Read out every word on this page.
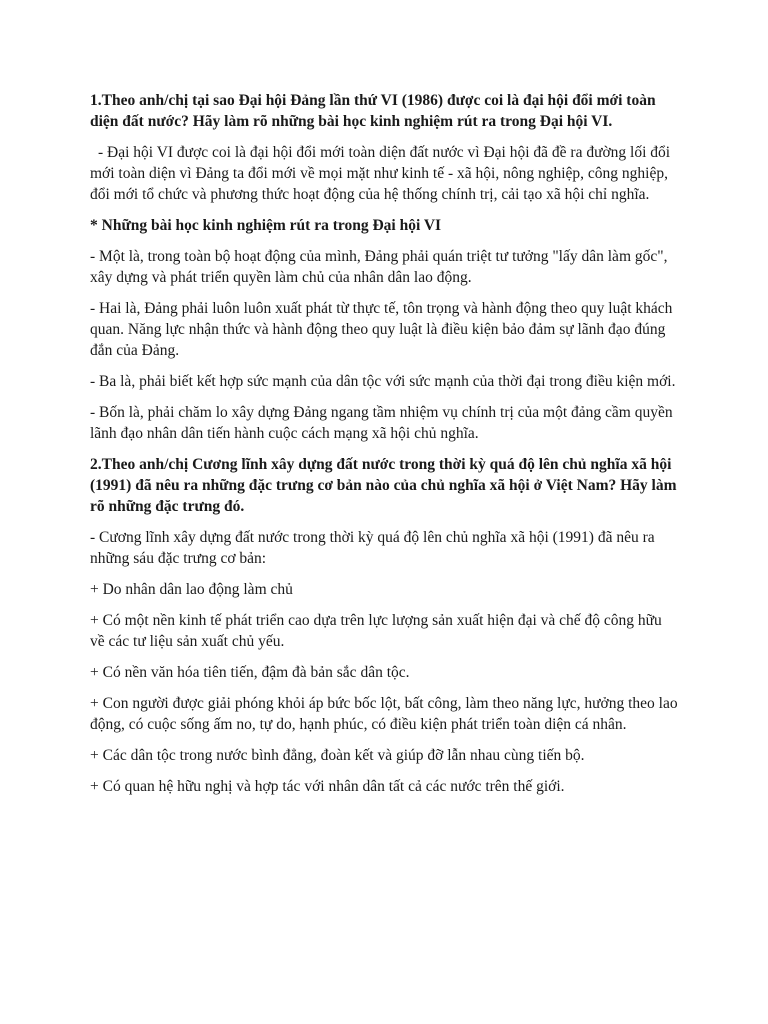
1.Theo anh/chị tại sao Đại hội Đảng lần thứ VI (1986) được coi là đại hội đổi mới toàn diện đất nước? Hãy làm rõ những bài học kinh nghiệm rút ra trong Đại hội VI.

- Đại hội VI được coi là đại hội đổi mới toàn diện đất nước vì Đại hội đã đề ra đường lối đổi mới toàn diện vì Đảng ta đổi mới về mọi mặt như kinh tế - xã hội, nông nghiệp, công nghiệp, đổi mới tổ chức và phương thức hoạt động của hệ thống chính trị, cải tạo xã hội chỉ nghĩa.

* Những bài học kinh nghiệm rút ra trong Đại hội VI

- Một là, trong toàn bộ hoạt động của mình, Đảng phải quán triệt tư tưởng "lấy dân làm gốc", xây dựng và phát triển quyền làm chủ của nhân dân lao động.

- Hai là, Đảng phải luôn luôn xuất phát từ thực tế, tôn trọng và hành động theo quy luật khách quan. Năng lực nhận thức và hành động theo quy luật là điều kiện bảo đảm sự lãnh đạo đúng đắn của Đảng.

- Ba là, phải biết kết hợp sức mạnh của dân tộc với sức mạnh của thời đại trong điều kiện mới.

- Bốn là, phải chăm lo xây dựng Đảng ngang tầm nhiệm vụ chính trị của một đảng cầm quyền lãnh đạo nhân dân tiến hành cuộc cách mạng xã hội chủ nghĩa.

2.Theo anh/chị Cương lĩnh xây dựng đất nước trong thời kỳ quá độ lên chủ nghĩa xã hội (1991) đã nêu ra những đặc trưng cơ bản nào của chủ nghĩa xã hội ở Việt Nam? Hãy làm rõ những đặc trưng đó.

- Cương lĩnh xây dựng đất nước trong thời kỳ quá độ lên chủ nghĩa xã hội (1991) đã nêu ra những sáu đặc trưng cơ bản:

+ Do nhân dân lao động làm chủ

+ Có một nền kinh tế phát triển cao dựa trên lực lượng sản xuất hiện đại và chế độ công hữu về các tư liệu sản xuất chủ yếu.

+ Có nền văn hóa tiên tiến, đậm đà bản sắc dân tộc.

+ Con người được giải phóng khỏi áp bức bốc lột, bất công, làm theo năng lực, hưởng theo lao động, có cuộc sống ấm no, tự do, hạnh phúc, có điều kiện phát triển toàn diện cá nhân.

+ Các dân tộc trong nước bình đẳng, đoàn kết và giúp đỡ lẫn nhau cùng tiến bộ.

+ Có quan hệ hữu nghị và hợp tác với nhân dân tất cả các nước trên thế giới.
